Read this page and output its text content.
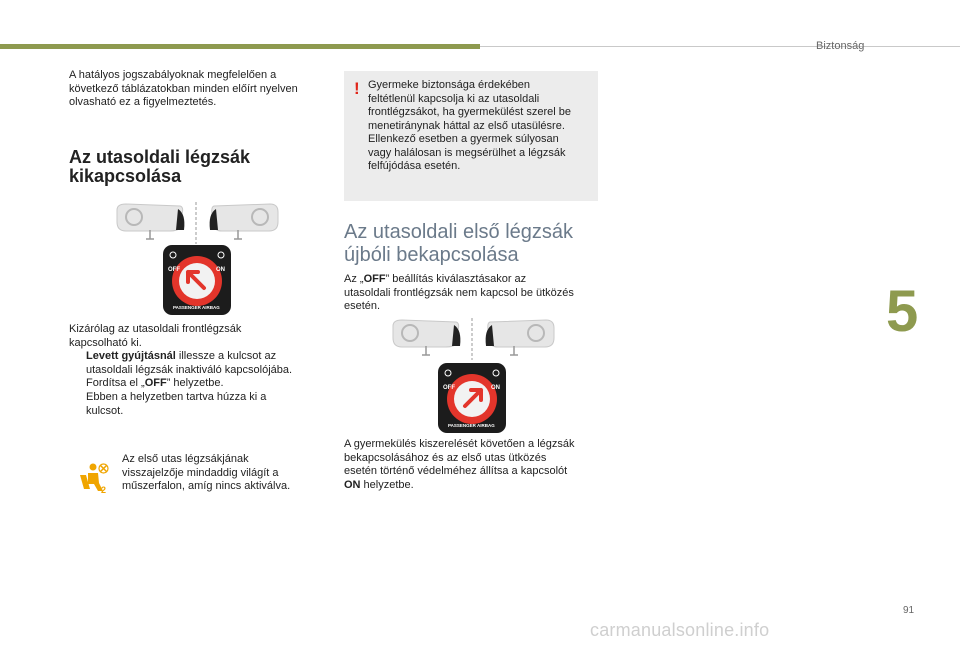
Biztonság
5
91
carmanualsonline.info
A hatályos jogszabályoknak megfelelően a
következő táblázatokban minden előírt nyelven
olvasható ez a figyelmeztetés.
Az utasoldali légzsák
kikapcsolása
OFF	ON
PASSENGER AIRBAG
Kizárólag az utasoldali frontlégzsák
kapcsolható ki.
Levett gyújtásnál illessze a kulcsot az
utasoldali légzsák inaktiváló kapcsolójába.
Fordítsa el „OFF” helyzetbe.
Ebben a helyzetben tartva húzza ki a
kulcsot.
2
Az első utas légzsákjának
visszajelzője mindaddig világít a
műszerfalon, amíg nincs aktiválva.
! Gyermeke biztonsága érdekében
feltétlenül kapcsolja ki az utasoldali
frontlégzsákot, ha gyermekülést szerel be
menetiránynak háttal az első utasülésre.
Ellenkező esetben a gyermek súlyosan
vagy halálosan is megsérülhet a légzsák
felfújódása esetén.
Az utasoldali első légzsák
újbóli bekapcsolása
Az „OFF” beállítás kiválasztásakor az
utasoldali frontlégzsák nem kapcsol be ütközés
esetén.
OFF	ON
PASSENGER AIRBAG
A gyermekülés kiszerelését követően a légzsák
bekapcsolásához és az első utas ütközés
esetén történő védelméhez állítsa a kapcsolót
ON helyzetbe.
